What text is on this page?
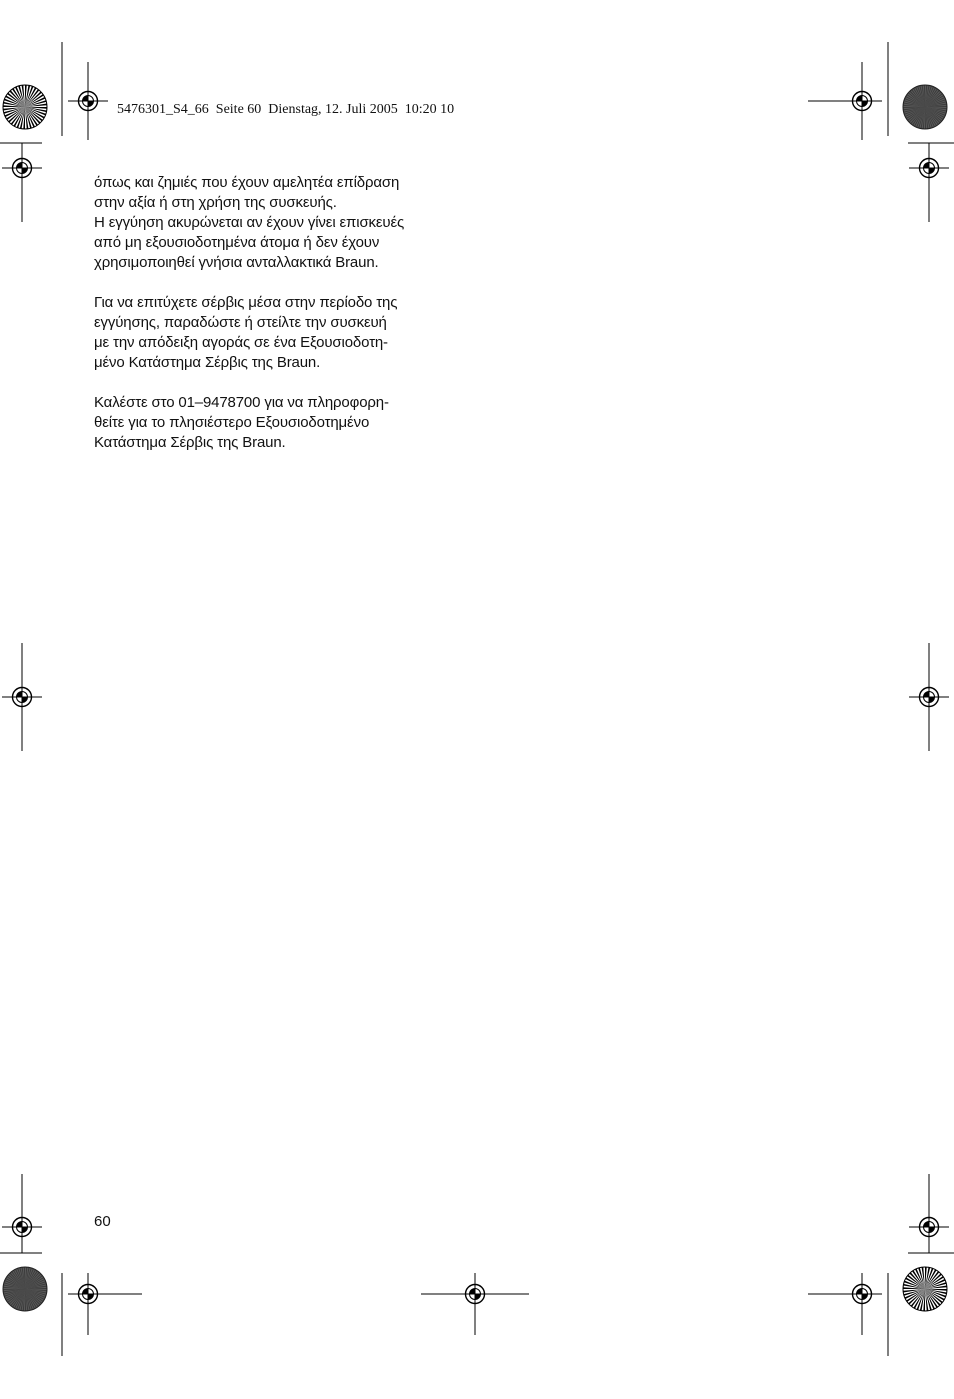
5476301_S4_66  Seite 60  Dienstag, 12. Juli 2005  10:20 10

όπως και ζημιές που έχουν αμελητέα επίδραση
στην αξία ή στη χρήση της συσκευής.
Η εγγύηση ακυρώνεται αν έχουν γίνει επισκευές
από μη εξουσιοδοτημένα άτομα ή δεν έχουν
χρησιμοποιηθεί γνήσια ανταλλακτικά Braun.

Για να επιτύχετε σέρβις μέσα στην περίοδο της
εγγύησης, παραδώστε ή στείλτε την συσκευή
με την απόδειξη αγοράς σε ένα Εξουσιοδοτη-
μένο Κατάστημα Σέρβις της Braun.

Καλέστε στο 01–9478700 για να πληροφορη-
θείτε για το πλησιέστερο Εξουσιοδοτημένο
Κατάστημα Σέρβις της Braun.

60
